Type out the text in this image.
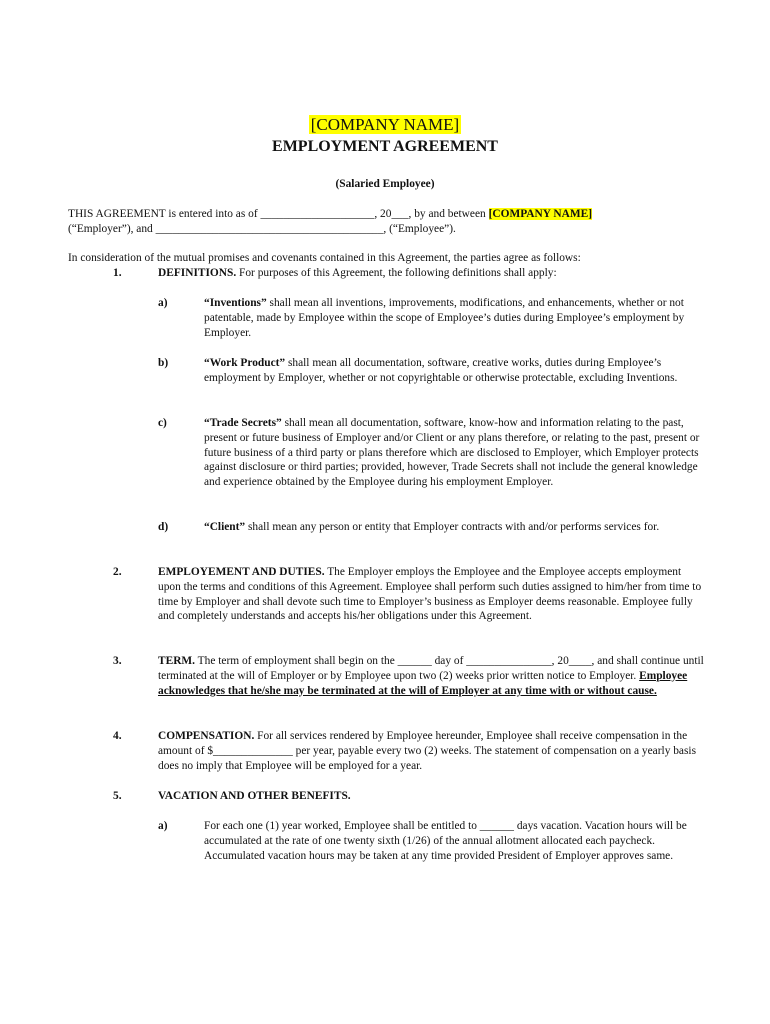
[COMPANY NAME]
EMPLOYMENT AGREEMENT
(Salaried Employee)
THIS AGREEMENT is entered into as of ____________________, 20___, by and between [COMPANY NAME]
(“Employer”), and ________________________________________, (“Employee”).
In consideration of the mutual promises and covenants contained in this Agreement, the parties agree as follows:
1.	DEFINITIONS. For purposes of this Agreement, the following definitions shall apply:
a)	“Inventions” shall mean all inventions, improvements, modifications, and enhancements, whether or not patentable, made by Employee within the scope of Employee’s duties during Employee’s employment by Employer.
b)	“Work Product” shall mean all documentation, software, creative works, duties during Employee’s employment by Employer, whether or not copyrightable or otherwise protectable, excluding Inventions.
c)	“Trade Secrets” shall mean all documentation, software, know-how and information relating to the past, present or future business of Employer and/or Client or any plans therefore, or relating to the past, present or future business of a third party or plans therefore which are disclosed to Employer, which Employer protects against disclosure or third parties; provided, however, Trade Secrets shall not include the general knowledge and experience obtained by the Employee during his employment Employer.
d)	“Client” shall mean any person or entity that Employer contracts with and/or performs services for.
2.	EMPLOYEMENT AND DUTIES. The Employer employs the Employee and the Employee accepts employment upon the terms and conditions of this Agreement. Employee shall perform such duties assigned to him/her from time to time by Employer and shall devote such time to Employer’s business as Employer deems reasonable. Employee fully and completely understands and accepts his/her obligations under this Agreement.
3.	TERM. The term of employment shall begin on the ______ day of _______________, 20____, and shall continue until terminated at the will of Employer or by Employee upon two (2) weeks prior written notice to Employer. Employee acknowledges that he/she may be terminated at the will of Employer at any time with or without cause.
4.	COMPENSATION. For all services rendered by Employee hereunder, Employee shall receive compensation in the amount of $______________ per year, payable every two (2) weeks. The statement of compensation on a yearly basis does no imply that Employee will be employed for a year.
5.	VACATION AND OTHER BENEFITS.
a)	For each one (1) year worked, Employee shall be entitled to ______ days vacation. Vacation hours will be accumulated at the rate of one twenty sixth (1/26) of the annual allotment allocated each paycheck. Accumulated vacation hours may be taken at any time provided President of Employer approves same.
